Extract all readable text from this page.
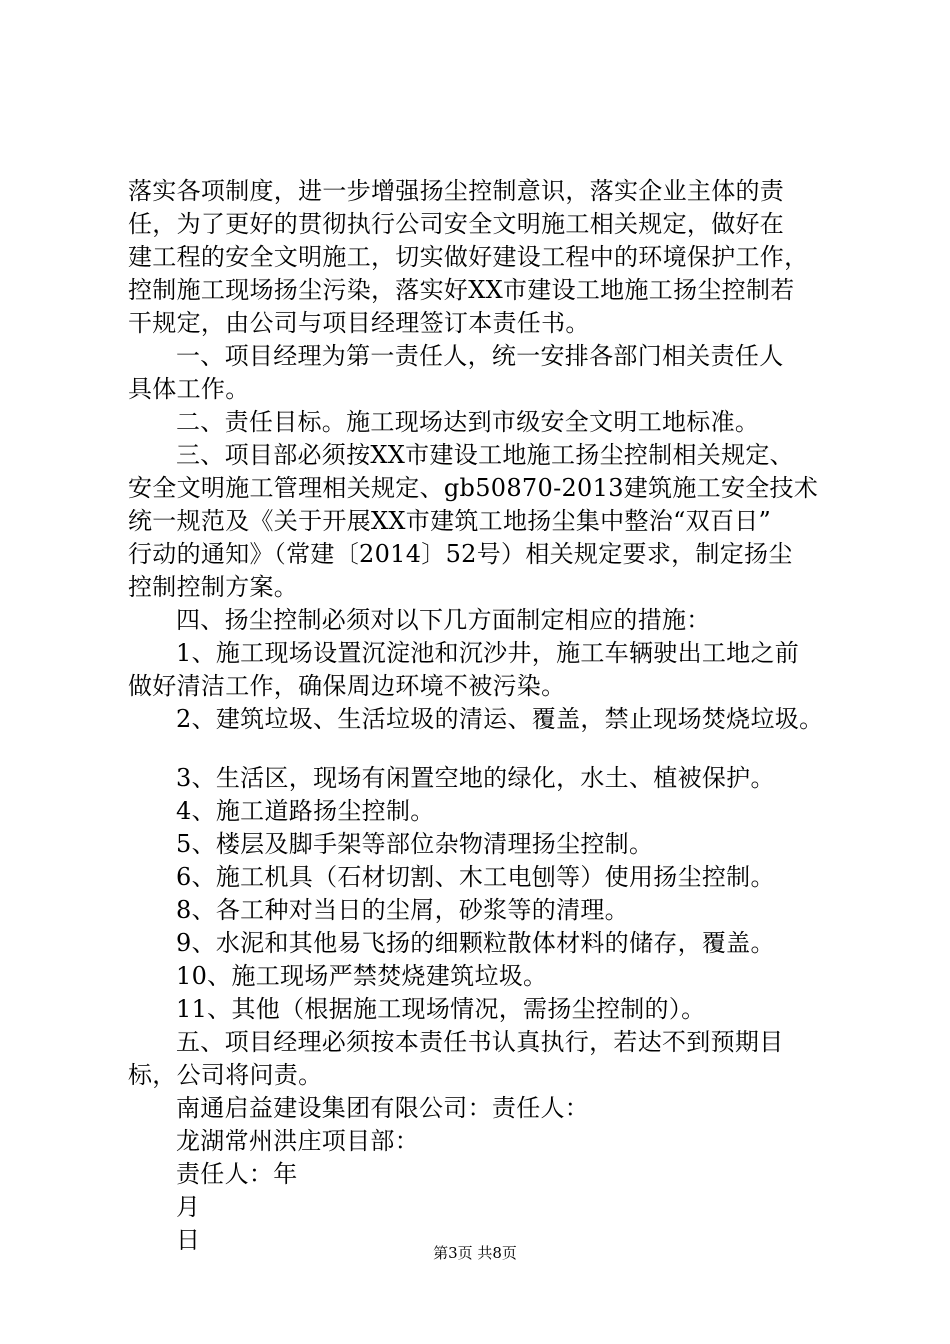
落实各项制度，进一步增强扬尘控制意识，落实企业主体的责
任，为了更好的贯彻执行公司安全文明施工相关规定，做好在
建工程的安全文明施工，切实做好建设工程中的环境保护工作，
控制施工现场扬尘污染，落实好XX市建设工地施工扬尘控制若
干规定，由公司与项目经理签订本责任书。
一、项目经理为第一责任人，统一安排各部门相关责任人
具体工作。
二、责任目标。施工现场达到市级安全文明工地标准。
三、项目部必须按XX市建设工地施工扬尘控制相关规定、
安全文明施工管理相关规定、gb50870-2013建筑施工安全技术
统一规范及《关于开展XX市建筑工地扬尘集中整治“双百日”
行动的通知》（常建〔2014〕52号）相关规定要求，制定扬尘
控制控制方案。
四、扬尘控制必须对以下几方面制定相应的措施：
1、施工现场设置沉淀池和沉沙井，施工车辆驶出工地之前
做好清洁工作，确保周边环境不被污染。
2、建筑垃圾、生活垃圾的清运、覆盖，禁止现场焚烧垃圾。
3、生活区，现场有闲置空地的绿化，水土、植被保护。
4、施工道路扬尘控制。
5、楼层及脚手架等部位杂物清理扬尘控制。
6、施工机具（石材切割、木工电刨等）使用扬尘控制。
8、各工种对当日的尘屑，砂浆等的清理。
9、水泥和其他易飞扬的细颗粒散体材料的储存，覆盖。
10、施工现场严禁焚烧建筑垃圾。
11、其他（根据施工现场情况，需扬尘控制的）。
五、项目经理必须按本责任书认真执行，若达不到预期目
标，公司将问责。
南通启益建设集团有限公司：责任人：
龙湖常州洪庄项目部：
责任人：年
月
日	第3页 共8页
